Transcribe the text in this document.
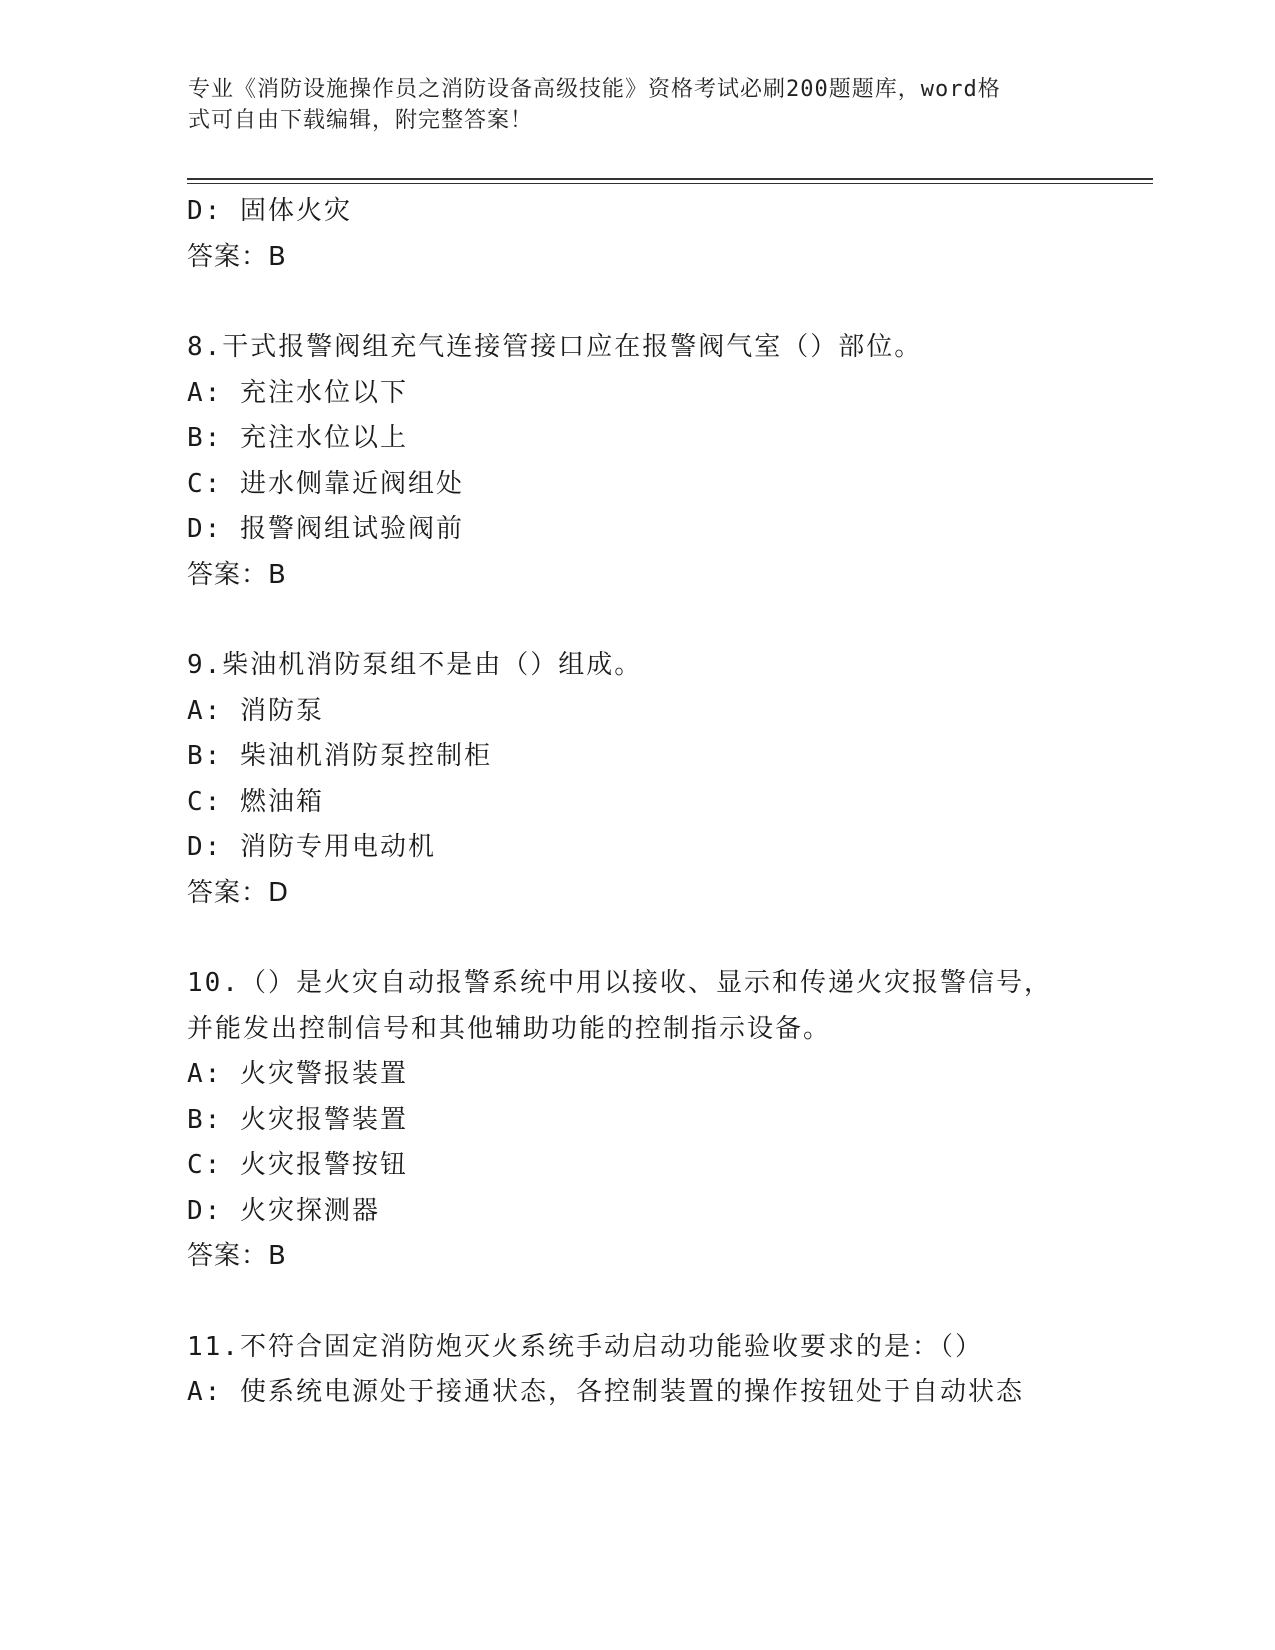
专业《消防设施操作员之消防设备高级技能》资格考试必刷200题题库，word格
式可自由下载编辑，附完整答案！
D: 固体火灾
答案：B
8.干式报警阀组充气连接管接口应在报警阀气室（）部位。
A: 充注水位以下
B: 充注水位以上
C: 进水侧靠近阀组处
D: 报警阀组试验阀前
答案：B
9.柴油机消防泵组不是由（）组成。
A: 消防泵
B: 柴油机消防泵控制柜
C: 燃油箱
D: 消防专用电动机
答案：D
10.（）是火灾自动报警系统中用以接收、显示和传递火灾报警信号，
并能发出控制信号和其他辅助功能的控制指示设备。
A: 火灾警报装置
B: 火灾报警装置
C: 火灾报警按钮
D: 火灾探测器
答案：B
11.不符合固定消防炮灭火系统手动启动功能验收要求的是：（）
A: 使系统电源处于接通状态，各控制装置的操作按钮处于自动状态
